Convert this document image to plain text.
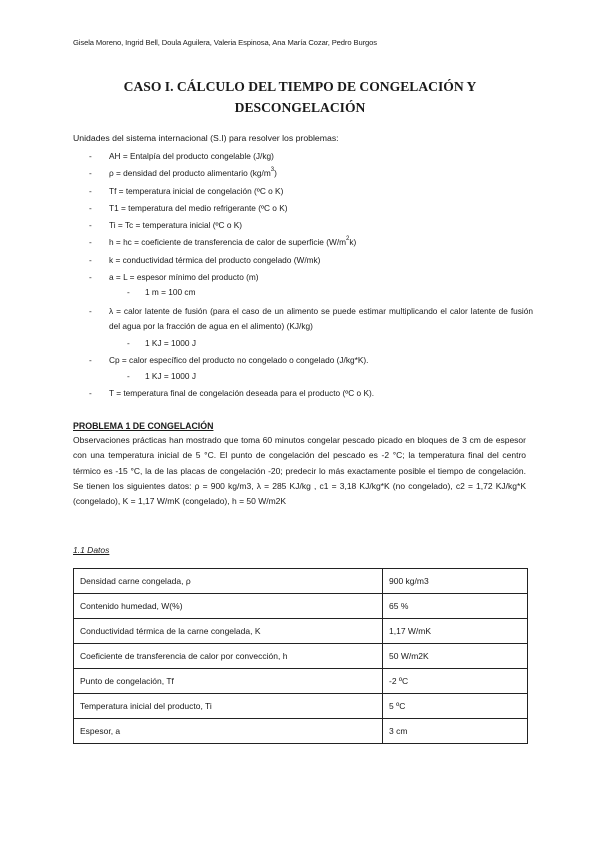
Gisela Moreno, Ingrid Bell, Doula Aguilera, Valeria Espinosa, Ana María Cozar, Pedro Burgos
CASO I. CÁLCULO DEL TIEMPO DE CONGELACIÓN Y
DESCONGELACIÓN
Unidades del sistema internacional (S.I) para resolver los problemas:
- AH = Entalpía del producto congelable (J/kg)
- ρ = densidad del producto alimentario $(kg/m^3)$
- Tf = temperatura inicial de congelación (ºC o K)
- T1 = temperatura del medio refrigerante (ºC o K)
- Ti = Tc = temperatura inicial (ºC o K)
- h = hc = coeficiente de transferencia de calor de superficie $(W/m^2k)$
- k = conductividad térmica del producto congelado (W/mk)
- a = L = espesor mínimo del producto (m)
- 1 m = 100 cm
- λ = calor latente de fusión (para el caso de un alimento se puede estimar multiplicando el calor latente de fusión del agua por la fracción de agua en el alimento) (KJ/kg)
- 1 KJ = 1000 J
- Cp = calor específico del producto no congelado o congelado (J/kg*K).
- 1 KJ = 1000 J
- T = temperatura final de congelación deseada para el producto (ºC o K).
PROBLEMA 1 DE CONGELACIÓN
Observaciones prácticas han mostrado que toma 60 minutos congelar pescado picado en bloques de 3 cm de espesor con una temperatura inicial de 5 °C. El punto de congelación del pescado es -2 °C; la temperatura final del centro térmico es -15 °C, la de las placas de congelación -20; predecir lo más exactamente posible el tiempo de congelación. Se tienen los siguientes datos: ρ = 900 kg/m3, λ = 285 KJ/kg , c1 = 3,18 KJ/kg*K (no congelado), c2 = 1,72 KJ/kg*K (congelado), K = 1,17 W/mK (congelado), h = 50 W/m2K
1.1 Datos
Densidad carne congelada, ρ	900 kg/m3
Contenido humedad, W(%)	65 %
Conductividad térmica de la carne congelada, K	1,17 W/mK
Coeficiente de transferencia de calor por convección, h	50 W/m2K
Punto de congelación, Tf	-2 ºC
Temperatura inicial del producto, Ti	5 ºC
Espesor, a	3 cm
